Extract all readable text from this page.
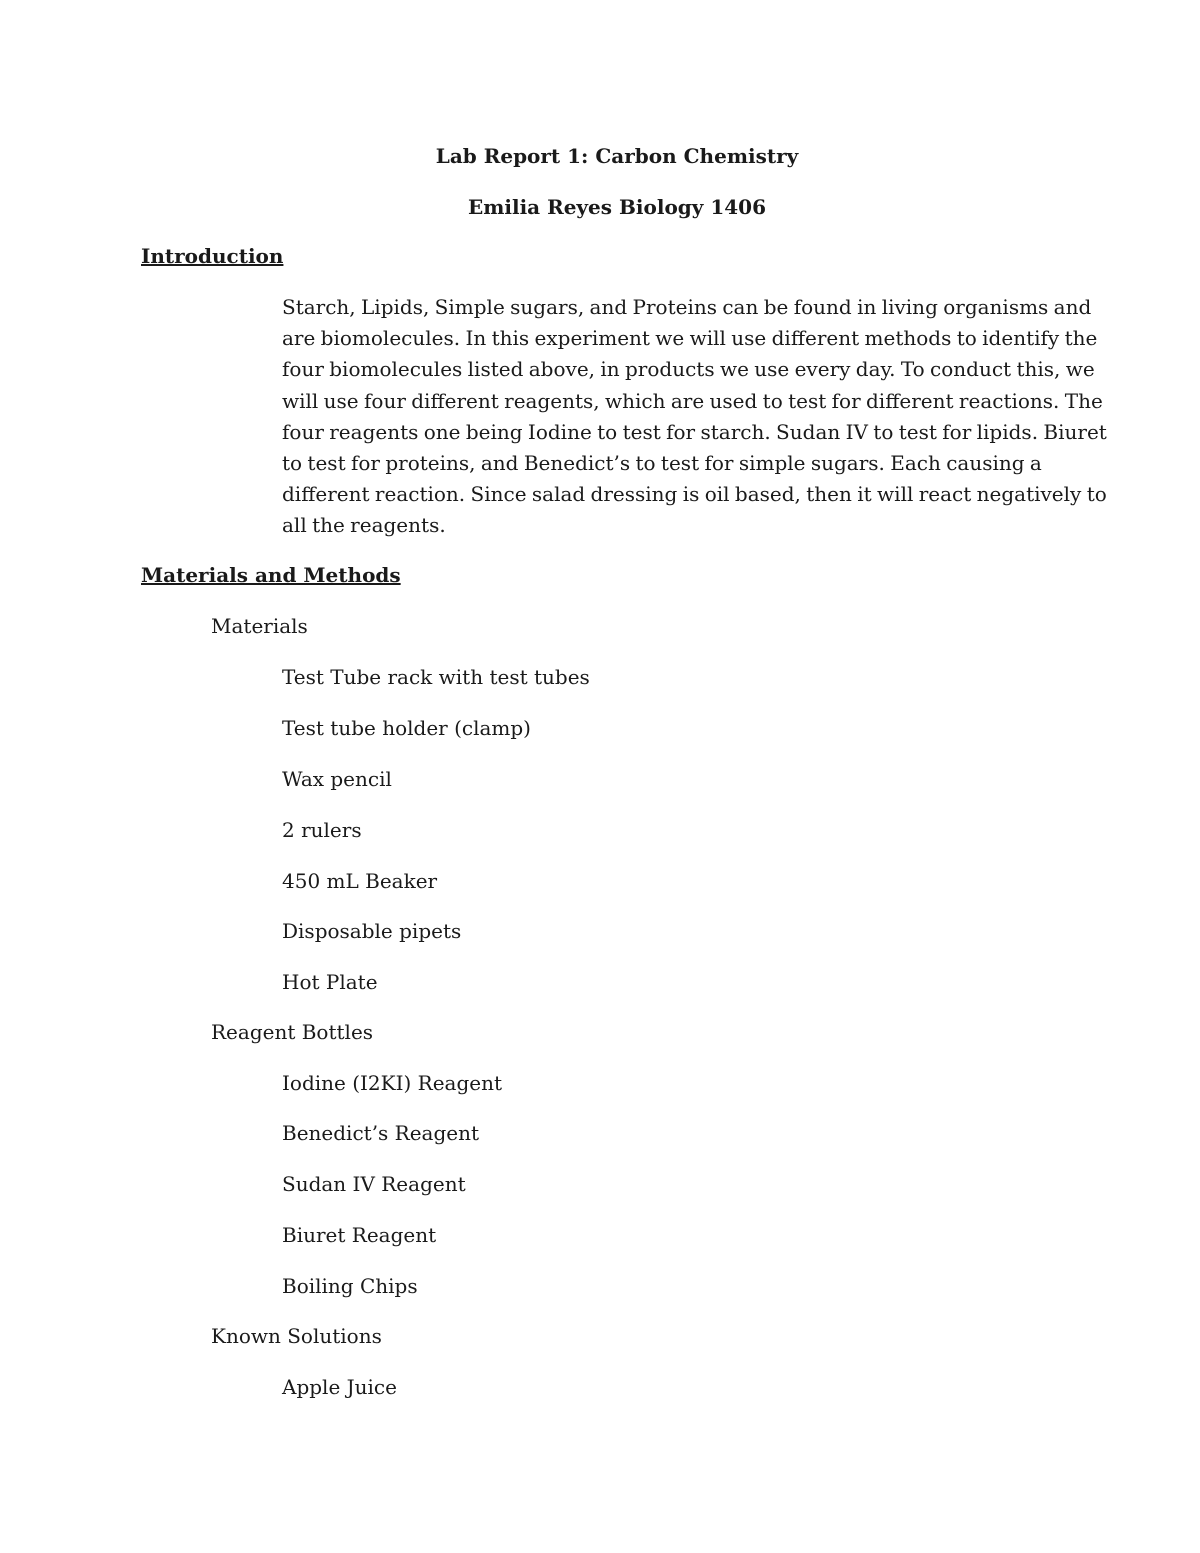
Lab Report 1: Carbon Chemistry
Emilia Reyes Biology 1406
Introduction
Starch, Lipids, Simple sugars, and Proteins can be found in living organisms and
are biomolecules. In this experiment we will use different methods to identify the
four biomolecules listed above, in products we use every day. To conduct this, we
will use four different reagents, which are used to test for different reactions. The
four reagents one being Iodine to test for starch. Sudan IV to test for lipids. Biuret
to test for proteins, and Benedict’s to test for simple sugars. Each causing a
different reaction. Since salad dressing is oil based, then it will react negatively to
all the reagents.
Materials and Methods
Materials
Test Tube rack with test tubes
Test tube holder (clamp)
Wax pencil
2 rulers
450 mL Beaker
Disposable pipets
Hot Plate
Reagent Bottles
Iodine (I2KI) Reagent
Benedict’s Reagent
Sudan IV Reagent
Biuret Reagent
Boiling Chips
Known Solutions
Apple Juice
